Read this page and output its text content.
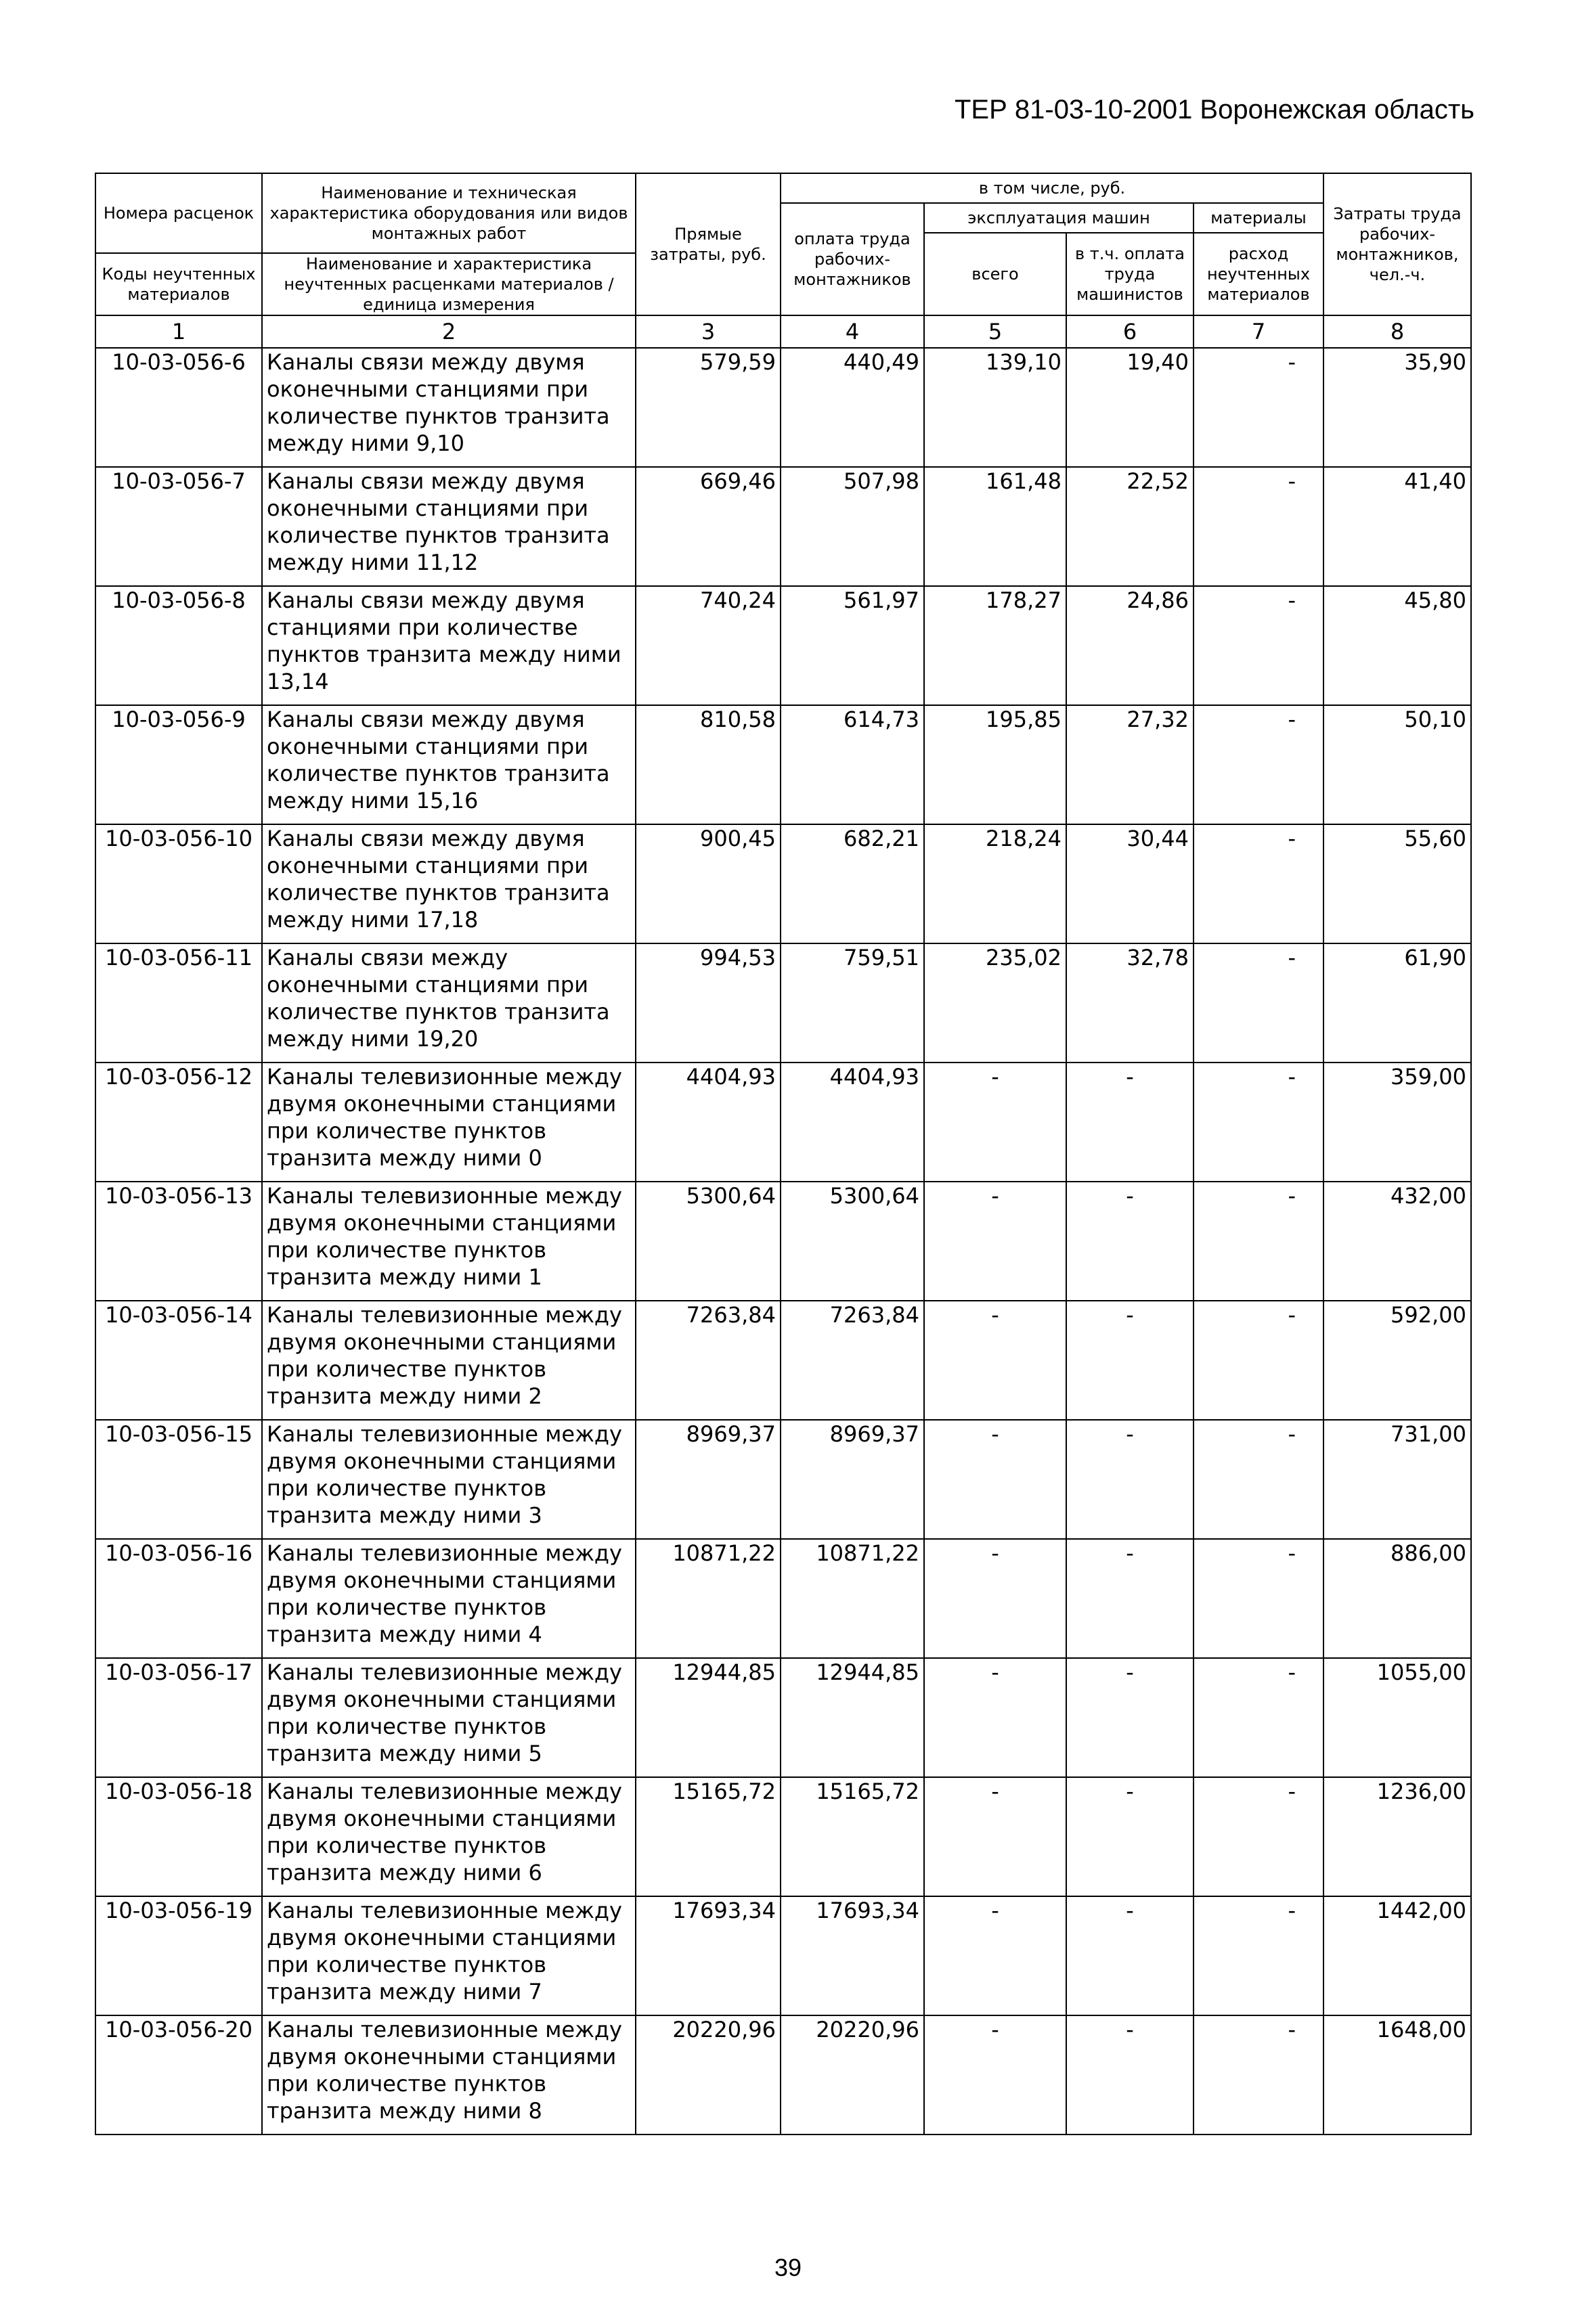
ТЕР 81-03-10-2001 Воронежская область
Номера расценок	Наименование и техническая характеристика оборудования или видов монтажных работ	Прямые затраты, руб.	в том числе, руб.				Затраты труда рабочих-монтажников, чел.-ч.
			оплата труда рабочих-монтажников	эксплуатация машин		материалы	
				всего	в т.ч. оплата труда машинистов	расход неучтенных материалов	
Коды неучтенных материалов	Наименование и характеристика неучтенных расценками материалов / единица измерения						

1	2	3	4	5	6	7	8
10-03-056-6	Каналы связи между двумя оконечными станциями при количестве пунктов транзита между ними 9,10	579,59	440,49	139,10	19,40	-	35,90
10-03-056-7	Каналы связи между двумя оконечными станциями при количестве пунктов транзита между ними 11,12	669,46	507,98	161,48	22,52	-	41,40
10-03-056-8	Каналы связи между двумя станциями при количестве пунктов транзита между ними 13,14	740,24	561,97	178,27	24,86	-	45,80
10-03-056-9	Каналы связи между двумя оконечными станциями при количестве пунктов транзита между ними 15,16	810,58	614,73	195,85	27,32	-	50,10
10-03-056-10	Каналы связи между двумя оконечными станциями при количестве пунктов транзита между ними 17,18	900,45	682,21	218,24	30,44	-	55,60
10-03-056-11	Каналы связи между оконечными станциями при количестве пунктов транзита между ними 19,20	994,53	759,51	235,02	32,78	-	61,90
10-03-056-12	Каналы телевизионные между двумя оконечными станциями при количестве пунктов транзита между ними 0	4404,93	4404,93	-	-	-	359,00
10-03-056-13	Каналы телевизионные между двумя оконечными станциями при количестве пунктов транзита между ними 1	5300,64	5300,64	-	-	-	432,00
10-03-056-14	Каналы телевизионные между двумя оконечными станциями при количестве пунктов транзита между ними 2	7263,84	7263,84	-	-	-	592,00
10-03-056-15	Каналы телевизионные между двумя оконечными станциями при количестве пунктов транзита между ними 3	8969,37	8969,37	-	-	-	731,00
10-03-056-16	Каналы телевизионные между двумя оконечными станциями при количестве пунктов транзита между ними 4	10871,22	10871,22	-	-	-	886,00
10-03-056-17	Каналы телевизионные между двумя оконечными станциями при количестве пунктов транзита между ними 5	12944,85	12944,85	-	-	-	1055,00
10-03-056-18	Каналы телевизионные между двумя оконечными станциями при количестве пунктов транзита между ними 6	15165,72	15165,72	-	-	-	1236,00
10-03-056-19	Каналы телевизионные между двумя оконечными станциями при количестве пунктов транзита между ними 7	17693,34	17693,34	-	-	-	1442,00
10-03-056-20	Каналы телевизионные между двумя оконечными станциями при количестве пунктов транзита между ними 8	20220,96	20220,96	-	-	-	1648,00
39
